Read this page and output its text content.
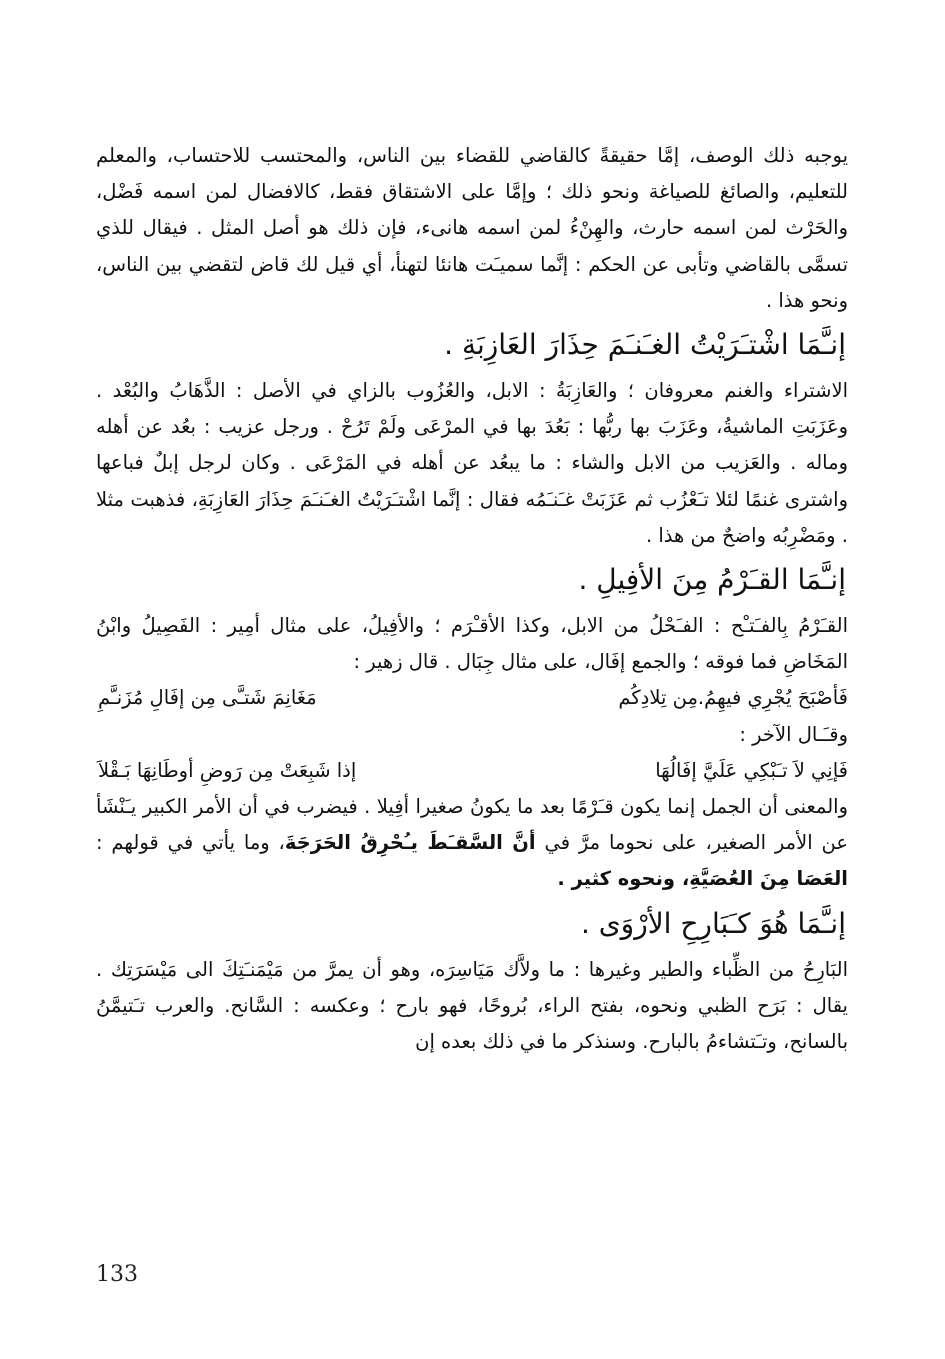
يوجبه ذلك الوصف، إمَّا حقيقةً كالقاضي للقضاء بين الناس، والمحتسب للاحتساب، والمعلم للتعليم، والصائغ للصياغة ونحو ذلك ؛ وإمَّا على الاشتقاق فقط، كالافضال لمن اسمه فَضْل، والحَرْث لمن اسمه حارث، والهِنْءُ لمن اسمه هانىء، فإن ذلك هو أصل المثل . فيقال للذي تسمَّى بالقاضي وتأبى عن الحكم : إنَّما سميـَت هانئا لتهنأ، أي قيل لك قاض لتقضي بين الناس، ونحو هذا .

إنـَّمَا اشْتـَرَيْتُ الغـَنـَمَ حِذَارَ العَازِبَةِ .

الاشتراء والغنم معروفان ؛ والعَازِبَةُ : الابل، والعُزُوب بالزاي في الأصل : الذَّهَابُ والبُعْد . وعَزَبَتِ الماشيةُ، وعَزَبَ بها ربُّها : بَعُدَ بها في المرْعَى ولَمْ تَرُحْ . ورجل عزيب : بعُد عن أهله وماله . والعَزيب من الابل والشاء : ما يبعُد عن أهله في المَرْعَى . وكان لرجل إبلٌ فباعها واشترى غنمًا لئلا تـَعْزُب ثم عَزَبَتْ غـَنـَمُه فقال : إنَّما اشْتـَرَيْتُ الغـَنـَمَ حِذَارَ العَازِبَةِ، فذهبت مثلا . ومَضْرِبُه واضحٌ من هذا .

إنـَّمَا القـَرْمُ مِنَ الأفِيلِ .

القـَرْمُ بِالفـَتـْح : الفـَحْلُ من الابل، وكذا الأقـْرَم ؛ والأفِيلُ، على مثال أمِير : الفَصِيلُ وابْنُ المَخَاضِ فما فوقه ؛ والجمع إفَال، على مثال جِبَال . قال زهير :

فَأصْبَحَ يُجْرِي فيهِمُ.مِن تِلادِكُم
مَغَانِمَ شَتـَّى مِن إفَالِ مُزَنـَّمِ

وقـَـال الآخر :

فَإنِي لاَ تـَبْكِي عَلَيَّ إفَالُهَا
إذا شَبِعَتْ مِن رَوضِ أوطَانِهَا بَـقْلاَ

والمعنى أن الجمل إنما يكون قـَرْمًا بعد ما يكونُ صغيرا أفِيلا . فيضرب في أن الأمر الكبير يـَنْشَأ عن الأمر الصغير، على نحوما مرَّ في أنَّ السَّقـَطَ يـُحْرِقُ الحَرَجَةَ، وما يأتي في قولهم : العَصَا مِنَ العُصَيَّةِ، ونحوه كثير .

إنـَّمَا هُوَ كـَبَارِحِ الأرْوَى .

البَارِحُ من الظِّباء والطير وغيرها : ما ولاَّك مَيَاسِرَه، وهو أن يمرَّ من مَيْمَنـَتِكَ الى مَيْسَرَتِك . يقال : بَرَح الظبي ونحوه، بفتح الراء، بُروحًا، فهو بارح ؛ وعكسه : السَّانح. والعرب تـَتيمَّنُ بالسانح، وتـَتشاءمُ بالبارح. وسنذكر ما في ذلك بعده إن

133
